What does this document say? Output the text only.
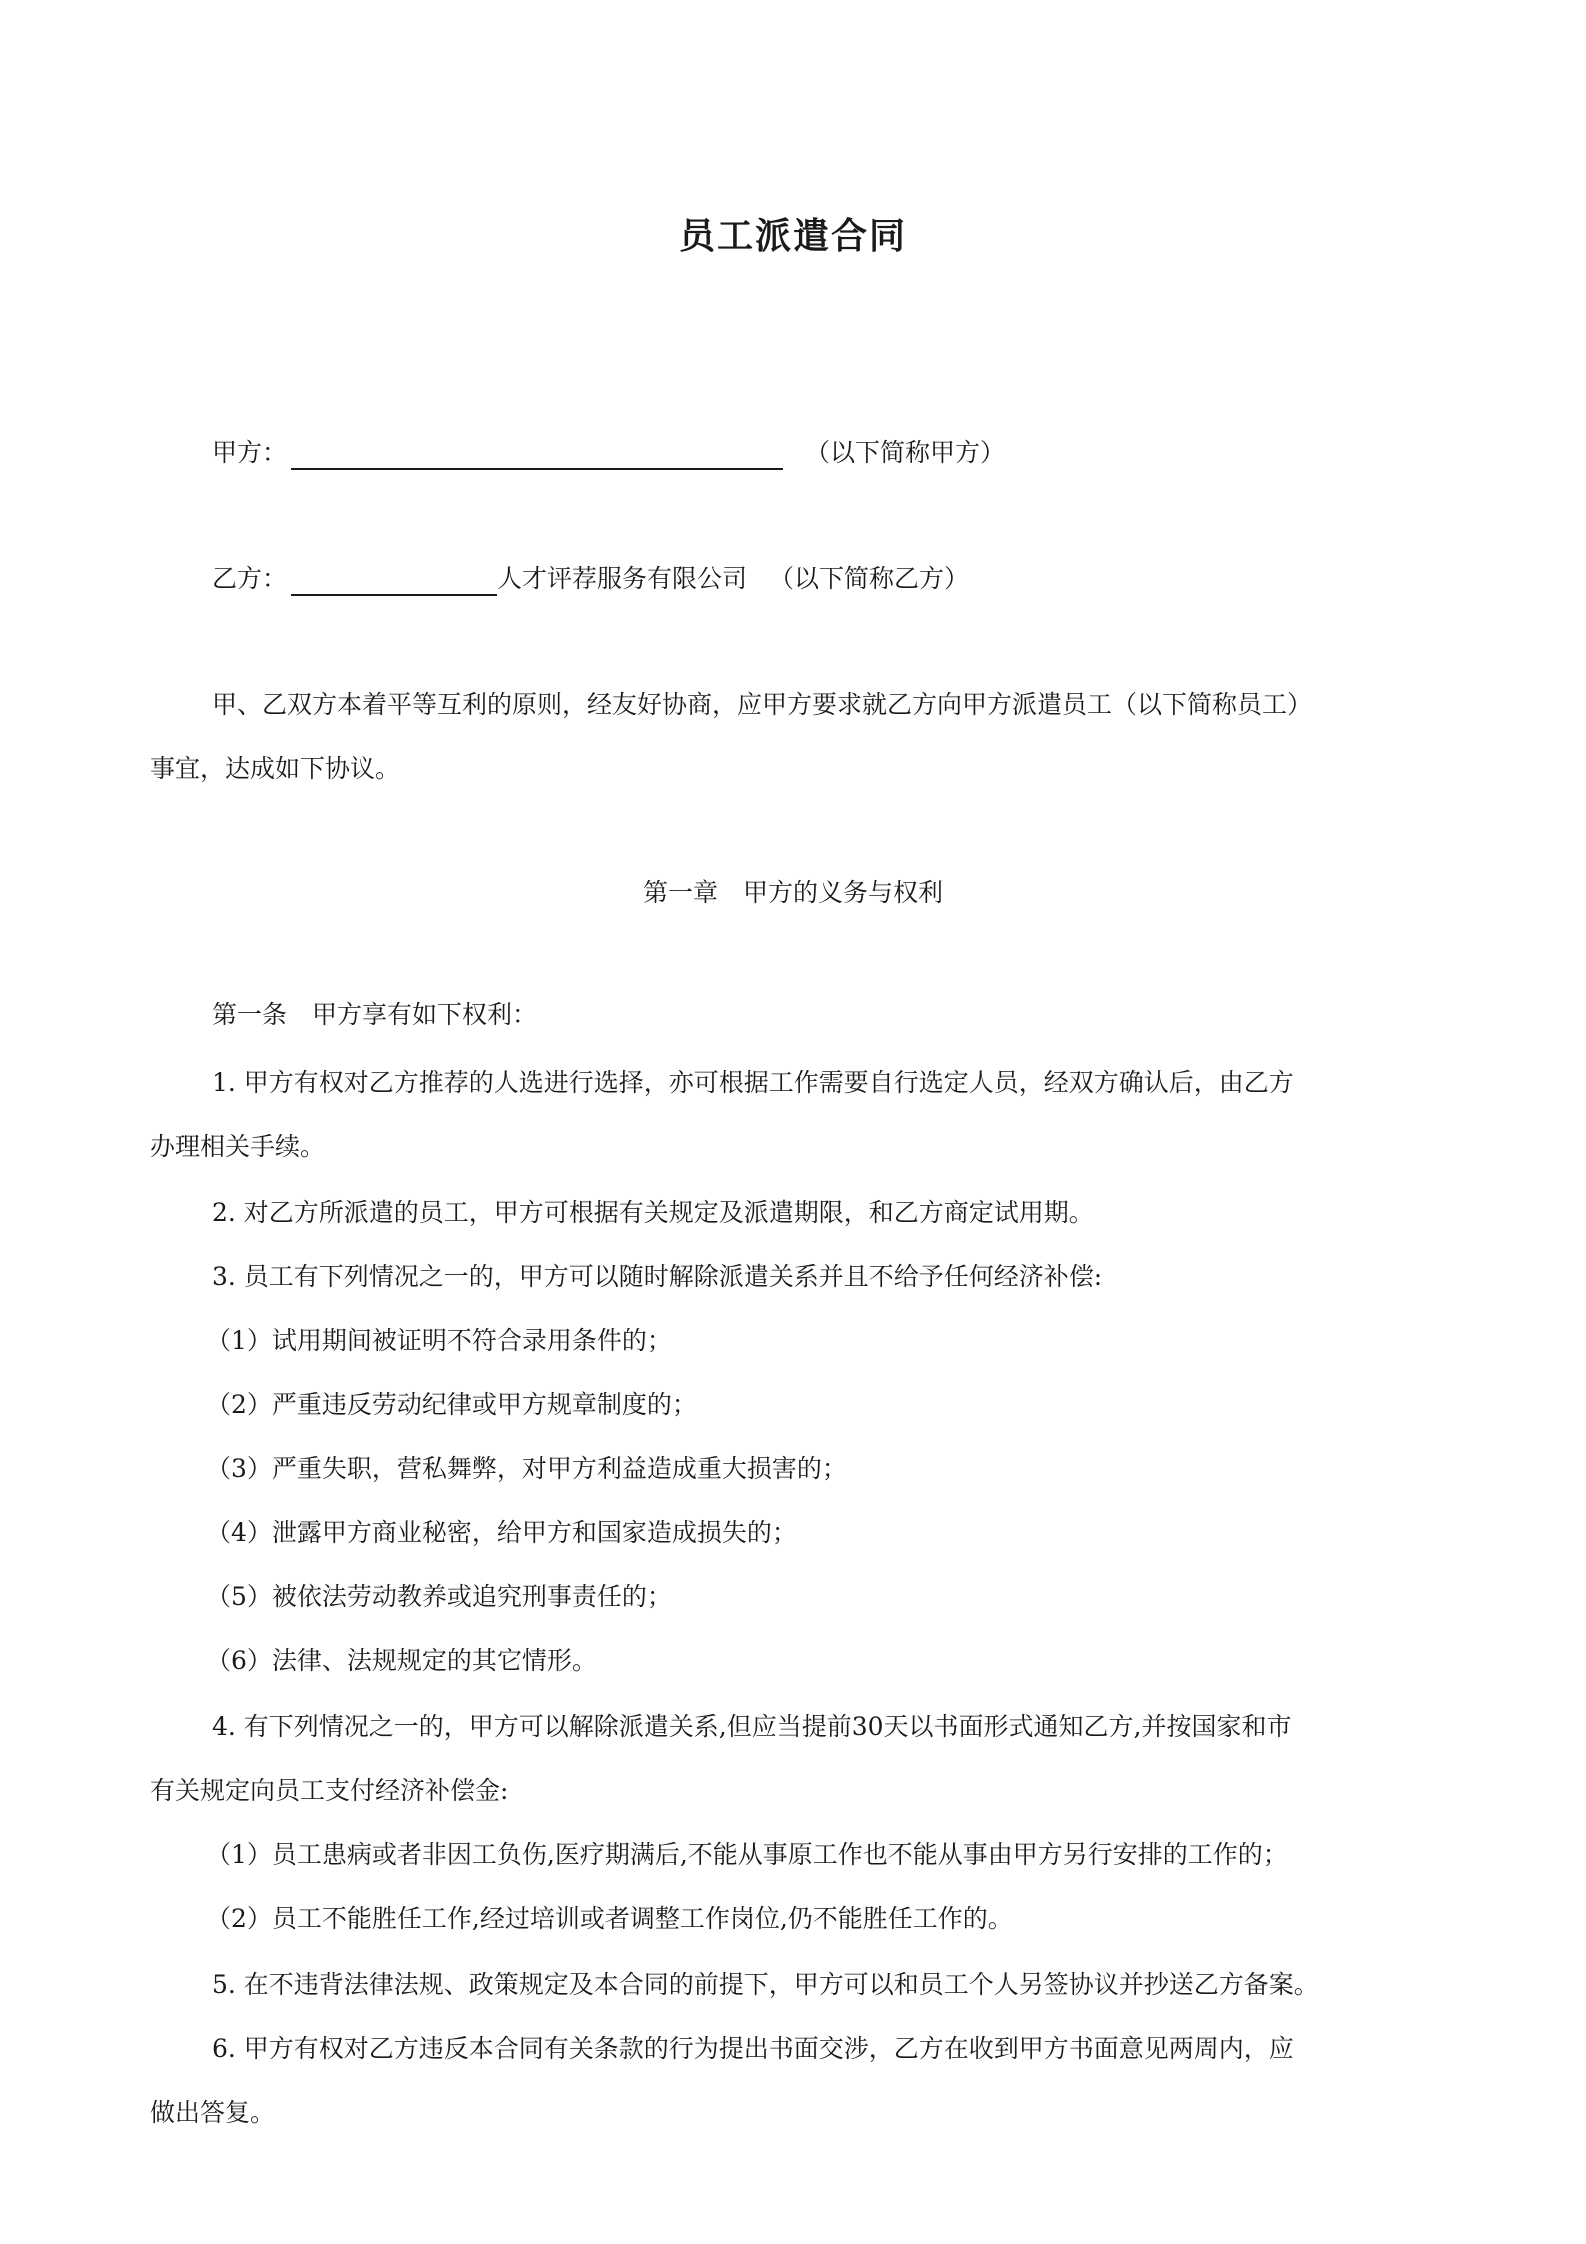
员工派遣合同
甲方：	（以下简称甲方）
乙方：	人才评荐服务有限公司 （以下简称乙方）
甲、乙双方本着平等互利的原则，经友好协商，应甲方要求就乙方向甲方派遣员工（以下简称员工）
事宜，达成如下协议。
第一章　甲方的义务与权利
第一条　甲方享有如下权利：
1. 甲方有权对乙方推荐的人选进行选择，亦可根据工作需要自行选定人员，经双方确认后，由乙方
办理相关手续。
2. 对乙方所派遣的员工，甲方可根据有关规定及派遣期限，和乙方商定试用期。
3. 员工有下列情况之一的，甲方可以随时解除派遣关系并且不给予任何经济补偿:
（1）试用期间被证明不符合录用条件的；
（2）严重违反劳动纪律或甲方规章制度的；
（3）严重失职，营私舞弊，对甲方利益造成重大损害的；
（4）泄露甲方商业秘密，给甲方和国家造成损失的；
（5）被依法劳动教养或追究刑事责任的；
（6）法律、法规规定的其它情形。
4. 有下列情况之一的，甲方可以解除派遣关系,但应当提前30天以书面形式通知乙方,并按国家和市
有关规定向员工支付经济补偿金:
（1）员工患病或者非因工负伤,医疗期满后,不能从事原工作也不能从事由甲方另行安排的工作的；
（2）员工不能胜任工作,经过培训或者调整工作岗位,仍不能胜任工作的。
5. 在不违背法律法规、政策规定及本合同的前提下，甲方可以和员工个人另签协议并抄送乙方备案。
6. 甲方有权对乙方违反本合同有关条款的行为提出书面交涉，乙方在收到甲方书面意见两周内，应
做出答复。
